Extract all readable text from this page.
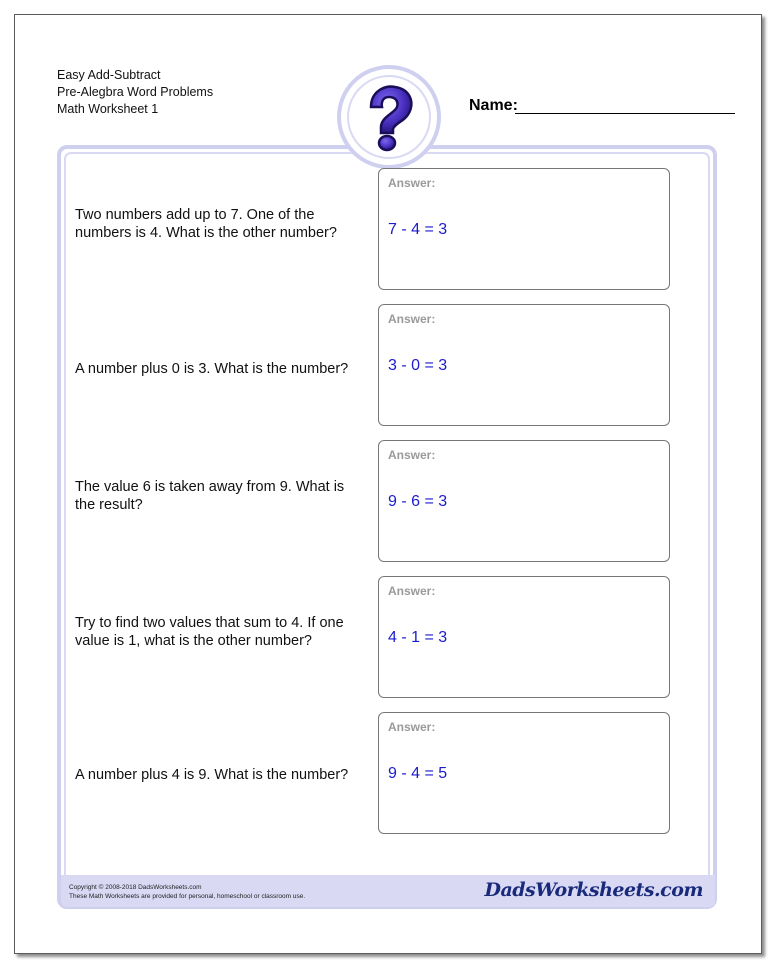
Easy Add-Subtract
Pre-Alegbra Word Problems
Math Worksheet 1	Name:
Two numbers add up to 7. One of the numbers is 4. What is the other number?
Answer:
7 - 4 = 3
A number plus 0 is 3. What is the number?
Answer:
3 - 0 = 3
The value 6 is taken away from 9. What is the result?
Answer:
9 - 6 = 3
Try to find two values that sum to 4. If one value is 1, what is the other number?
Answer:
4 - 1 = 3
A number plus 4 is 9. What is the number?
Answer:
9 - 4 = 5
Copyright © 2008-2018 DadsWorksheets.com
These Math Worksheets are provided for personal, homeschool or classroom use.	DadsWorksheets.com
